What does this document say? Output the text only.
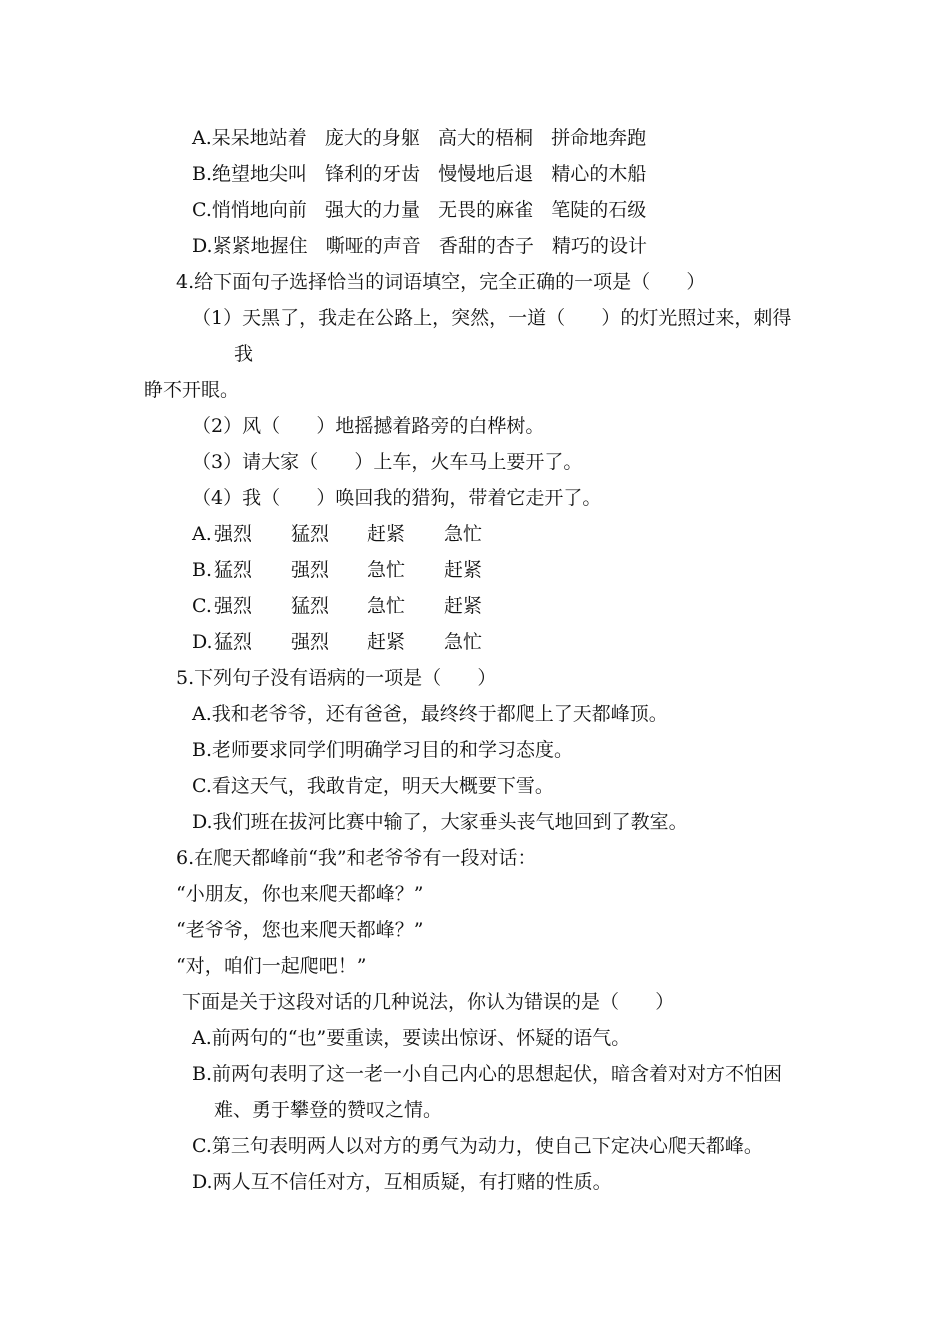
A.呆呆地站着   庞大的身躯   高大的梧桐   拼命地奔跑
B.绝望地尖叫   锋利的牙齿   慢慢地后退   精心的木船
C.悄悄地向前   强大的力量   无畏的麻雀   笔陡的石级
D.紧紧地握住   嘶哑的声音   香甜的杏子   精巧的设计
4.给下面句子选择恰当的词语填空，完全正确的一项是（      ）
（1）天黑了，我走在公路上，突然，一道（      ）的灯光照过来，刺得
我
睁不开眼。
（2）风（      ）地摇撼着路旁的白桦树。
（3）请大家（      ）上车，火车马上要开了。
（4）我（      ）唤回我的猎狗，带着它走开了。
A. 强烈 猛烈 赶紧 急忙
B. 猛烈 强烈 急忙 赶紧
C. 强烈 猛烈 急忙 赶紧
D. 猛烈 强烈 赶紧 急忙
5.下列句子没有语病的一项是（      ）
A.我和老爷爷，还有爸爸，最终终于都爬上了天都峰顶。
B.老师要求同学们明确学习目的和学习态度。
C.看这天气，我敢肯定，明天大概要下雪。
D.我们班在拔河比赛中输了，大家垂头丧气地回到了教室。
6.在爬天都峰前“我”和老爷爷有一段对话：
“小朋友，你也来爬天都峰？”
“老爷爷，您也来爬天都峰？”
“对，咱们一起爬吧！”
下面是关于这段对话的几种说法，你认为错误的是（      ）
A.前两句的“也”要重读，要读出惊讶、怀疑的语气。
B.前两句表明了这一老一小自己内心的思想起伏，暗含着对对方不怕困
难、勇于攀登的赞叹之情。
C.第三句表明两人以对方的勇气为动力，使自己下定决心爬天都峰。
D.两人互不信任对方，互相质疑，有打赌的性质。
